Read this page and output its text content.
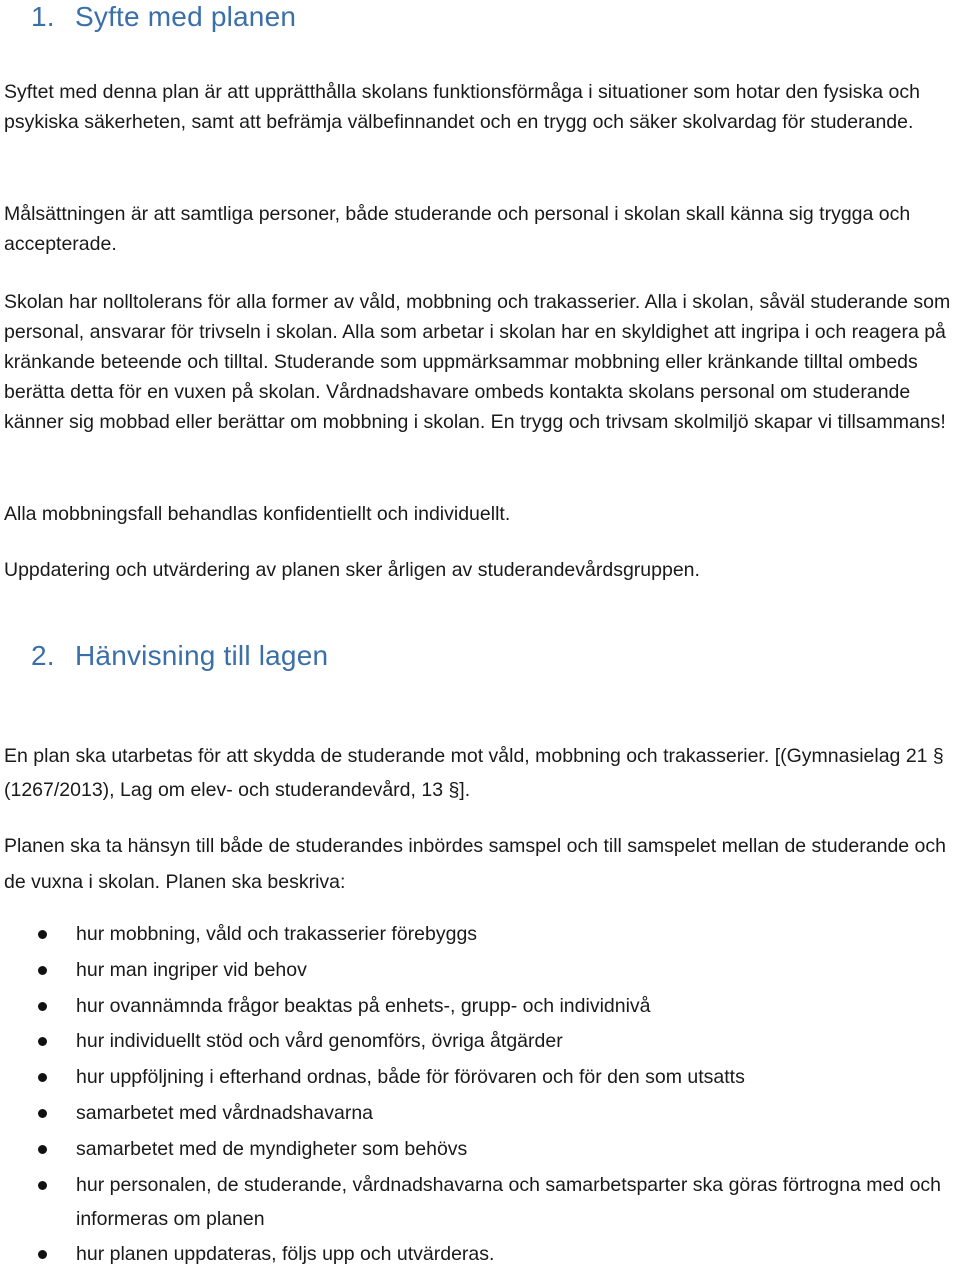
1. Syfte med planen

Syftet med denna plan är att upprätthålla skolans funktionsförmåga i situationer som hotar den fysiska och psykiska säkerheten, samt att befrämja välbefinnandet och en trygg och säker skolvardag för studerande.

Målsättningen är att samtliga personer, både studerande och personal i skolan skall känna sig trygga och accepterade.

Skolan har nolltolerans för alla former av våld, mobbning och trakasserier. Alla i skolan, såväl studerande som personal, ansvarar för trivseln i skolan. Alla som arbetar i skolan har en skyldighet att ingripa i och reagera på kränkande beteende och tilltal. Studerande som uppmärksammar mobbning eller kränkande tilltal ombeds berätta detta för en vuxen på skolan. Vårdnadshavare ombeds kontakta skolans personal om studerande känner sig mobbad eller berättar om mobbning i skolan. En trygg och trivsam skolmiljö skapar vi tillsammans!

Alla mobbningsfall behandlas konfidentiellt och individuellt.

Uppdatering och utvärdering av planen sker årligen av studerandevårdsgruppen.

2. Hänvisning till lagen

En plan ska utarbetas för att skydda de studerande mot våld, mobbning och trakasserier. [(Gymnasielag 21 § (1267/2013), Lag om elev- och studerandevård, 13 §].

Planen ska ta hänsyn till både de studerandes inbördes samspel och till samspelet mellan de studerande och de vuxna i skolan. Planen ska beskriva:

hur mobbning, våld och trakasserier förebyggs
hur man ingriper vid behov
hur ovannämnda frågor beaktas på enhets-, grupp- och individnivå
hur individuellt stöd och vård genomförs, övriga åtgärder
hur uppföljning i efterhand ordnas, både för förövaren och för den som utsatts
samarbetet med vårdnadshavarna
samarbetet med de myndigheter som behövs
hur personalen, de studerande, vårdnadshavarna och samarbetsparter ska göras förtrogna med och informeras om planen
hur planen uppdateras, följs upp och utvärderas.
